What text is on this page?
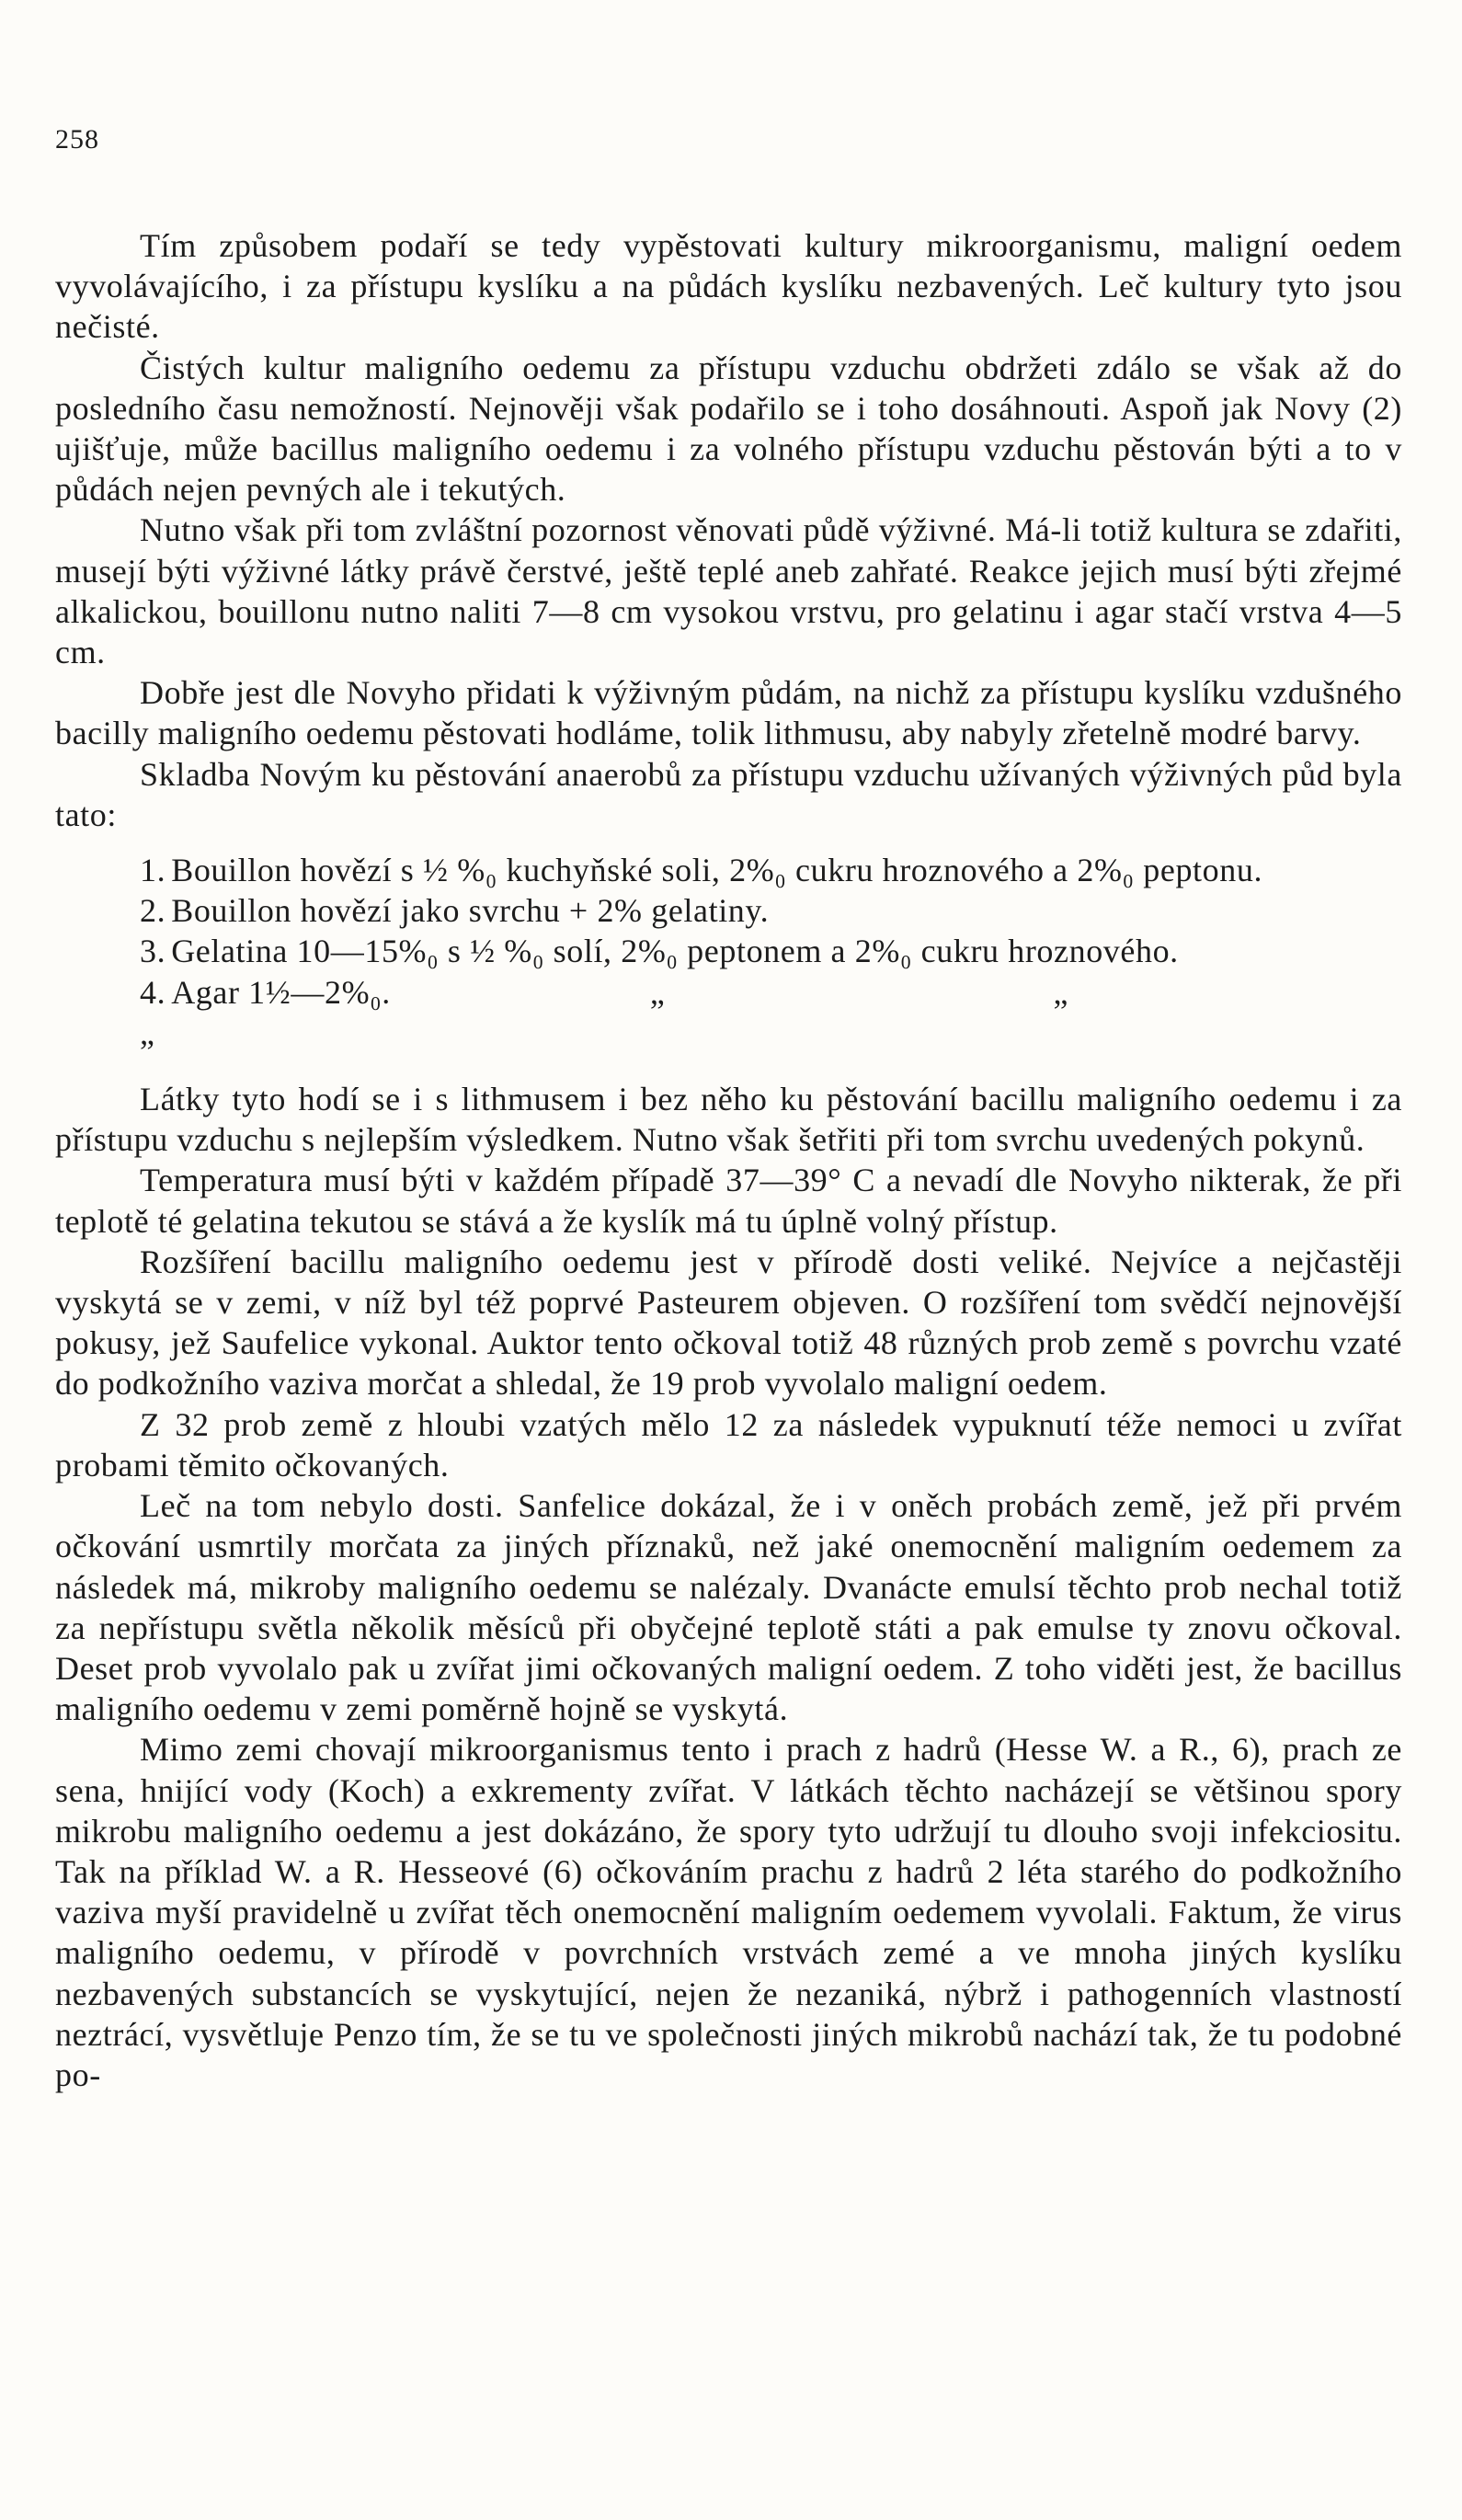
258

Tím způsobem podaří se tedy vypěstovati kultury mikroorganismu, maligní oedem vyvolávajícího, i za přístupu kyslíku a na půdách kyslíku nezbavených. Leč kultury tyto jsou nečisté.

Čistých kultur maligního oedemu za přístupu vzduchu obdržeti zdálo se však až do posledního času nemožností. Nejnověji však podařilo se i toho dosáhnouti. Aspoň jak Novy (2) ujišťuje, může bacillus maligního oedemu i za volného přístupu vzduchu pěstován býti a to v půdách nejen pevných ale i tekutých.

Nutno však při tom zvláštní pozornost věnovati půdě výživné. Má-li totiž kultura se zdařiti, musejí býti výživné látky právě čerstvé, ještě teplé aneb zahřaté. Reakce jejich musí býti zřejmé alkalickou, bouillonu nutno naliti 7—8 cm vysokou vrstvu, pro gelatinu i agar stačí vrstva 4—5 cm.

Dobře jest dle Novyho přidati k výživným půdám, na nichž za přístupu kyslíku vzdušného bacilly maligního oedemu pěstovati hodláme, tolik lithmusu, aby nabyly zřetelně modré barvy.

Skladba Novým ku pěstování anaerobů za přístupu vzduchu užívaných výživných půd byla tato:

1. Bouillon hovězí s ½ %₀ kuchyňské soli, 2%₀ cukru hroznového a 2%₀ peptonu.

2. Bouillon hovězí jako svrchu + 2% gelatiny.

3. Gelatina 10—15%₀ s ½ %₀ solí, 2%₀ peptonem a 2%₀ cukru hroznového.

4. Agar 1½—2%₀.	„	„„

Látky tyto hodí se i s lithmusem i bez něho ku pěstování bacillu maligního oedemu i za přístupu vzduchu s nejlepším výsledkem. Nutno však šetřiti při tom svrchu uvedených pokynů.

Temperatura musí býti v každém případě 37—39° C a nevadí dle Novyho nikterak, že při teplotě té gelatina tekutou se stává a že kyslík má tu úplně volný přístup.

Rozšíření bacillu maligního oedemu jest v přírodě dosti veliké. Nejvíce a nejčastěji vyskytá se v zemi, v níž byl též poprvé Pasteurem objeven. O rozšíření tom svědčí nejnovější pokusy, jež Saufelice vykonal. Auktor tento očkoval totiž 48 různých prob země s povrchu vzaté do podkožního vaziva morčat a shledal, že 19 prob vyvolalo maligní oedem.

Z 32 prob země z hloubi vzatých mělo 12 za následek vypuknutí téže nemoci u zvířat probami těmito očkovaných.

Leč na tom nebylo dosti. Sanfelice dokázal, že i v oněch probách země, jež při prvém očkování usmrtily morčata za jiných příznaků, než jaké onemocnění maligním oedemem za následek má, mikroby maligního oedemu se nalézaly. Dvanácte emulsí těchto prob nechal totiž za nepřístupu světla několik měsíců při obyčejné teplotě státi a pak emulse ty znovu očkoval. Deset prob vyvolalo pak u zvířat jimi očkovaných maligní oedem. Z toho viděti jest, že bacillus maligního oedemu v zemi poměrně hojně se vyskytá.

Mimo zemi chovají mikroorganismus tento i prach z hadrů (Hesse W. a R., 6), prach ze sena, hnijící vody (Koch) a exkrementy zvířat. V látkách těchto nacházejí se většinou spory mikrobu maligního oedemu a jest dokázáno, že spory tyto udržují tu dlouho svoji infekciositu. Tak na příklad W. a R. Hesseové (6) očkováním prachu z hadrů 2 léta starého do podkožního vaziva myší pravidelně u zvířat těch onemocnění maligním oedemem vyvolali. Faktum, že virus maligního oedemu, v přírodě v povrchních vrstvách zemé a ve mnoha jiných kyslíku nezbavených substancích se vyskytující, nejen že nezaniká, nýbrž i pathogenních vlastností neztrácí, vysvětluje Penzo tím, že se tu ve společnosti jiných mikrobů nachází tak, že tu podobné po-
